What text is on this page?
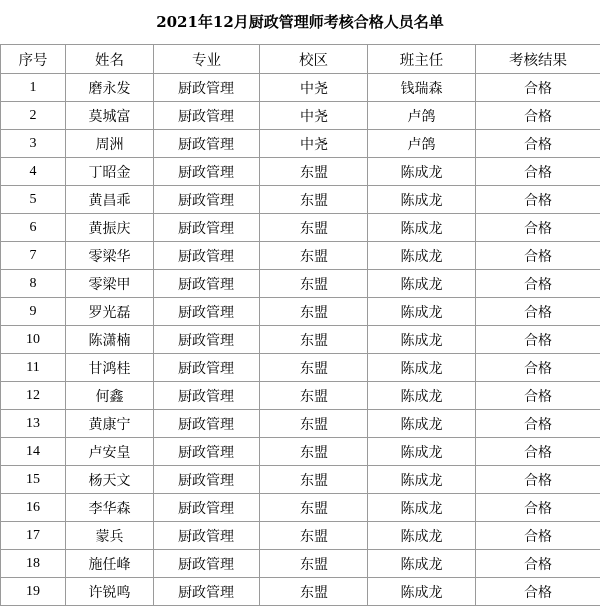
2021年12月厨政管理师考核合格人员名单
序号	姓名	专业	校区	班主任	考核结果
1	磨永发	厨政管理	中尧	钱瑞森	合格
2	莫城富	厨政管理	中尧	卢鸽	合格
3	周洲	厨政管理	中尧	卢鸽	合格
4	丁昭金	厨政管理	东盟	陈成龙	合格
5	黄昌乖	厨政管理	东盟	陈成龙	合格
6	黄振庆	厨政管理	东盟	陈成龙	合格
7	零梁华	厨政管理	东盟	陈成龙	合格
8	零梁甲	厨政管理	东盟	陈成龙	合格
9	罗光磊	厨政管理	东盟	陈成龙	合格
10	陈潇楠	厨政管理	东盟	陈成龙	合格
11	甘鸿桂	厨政管理	东盟	陈成龙	合格
12	何鑫	厨政管理	东盟	陈成龙	合格
13	黄康宁	厨政管理	东盟	陈成龙	合格
14	卢安皇	厨政管理	东盟	陈成龙	合格
15	杨天文	厨政管理	东盟	陈成龙	合格
16	李华森	厨政管理	东盟	陈成龙	合格
17	蒙兵	厨政管理	东盟	陈成龙	合格
18	施任峰	厨政管理	东盟	陈成龙	合格
19	许锐鸣	厨政管理	东盟	陈成龙	合格
